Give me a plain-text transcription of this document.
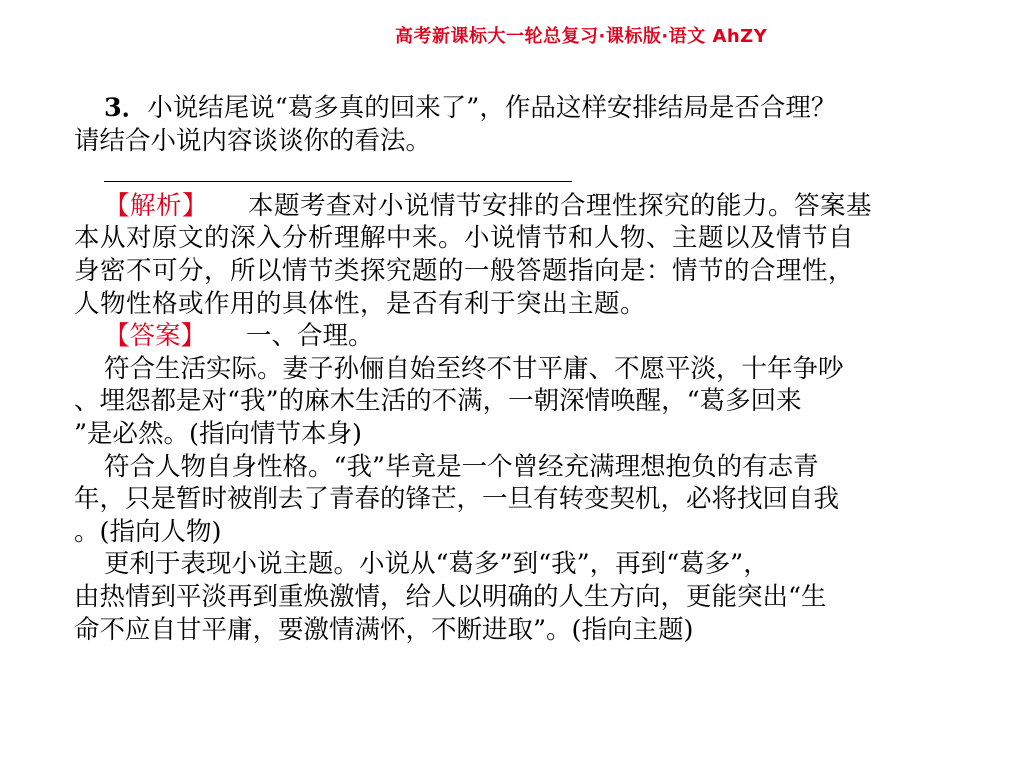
高考新课标大一轮总复习·课标版·语文 AhZY
3．小说结尾说“葛多真的回来了”，作品这样安排结局是否合理？
请结合小说内容谈谈你的看法。
【解析】 本题考查对小说情节安排的合理性探究的能力。答案基
本从对原文的深入分析理解中来。小说情节和人物、主题以及情节自
身密不可分，所以情节类探究题的一般答题指向是：情节的合理性，
人物性格或作用的具体性，是否有利于突出主题。
【答案】 一、合理。
符合生活实际。妻子孙俪自始至终不甘平庸、不愿平淡，十年争吵
、埋怨都是对“我”的麻木生活的不满，一朝深情唤醒，“葛多回来
”是必然。(指向情节本身)
符合人物自身性格。“我”毕竟是一个曾经充满理想抱负的有志青
年，只是暂时被削去了青春的锋芒，一旦有转变契机，必将找回自我
。(指向人物)
更利于表现小说主题。小说从“葛多”到“我”，再到“葛多”，
由热情到平淡再到重焕激情，给人以明确的人生方向，更能突出“生
命不应自甘平庸，要激情满怀，不断进取”。(指向主题)
